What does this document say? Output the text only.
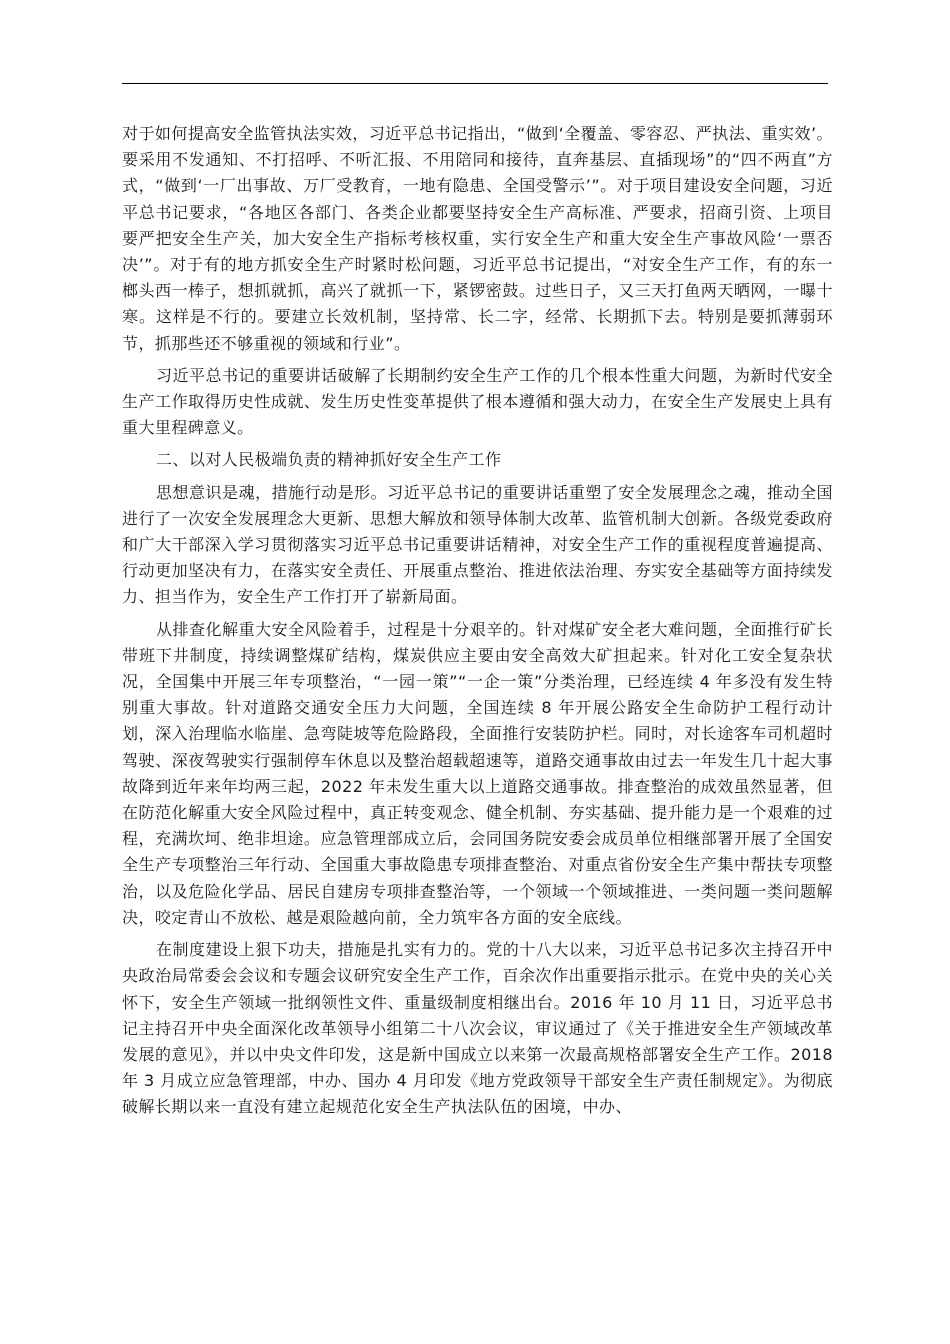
对于如何提高安全监管执法实效，习近平总书记指出，“做到‘全覆盖、零容忍、严执法、重实效’。要采用不发通知、不打招呼、不听汇报、不用陪同和接待，直奔基层、直插现场”的“四不两直”方式，“做到‘一厂出事故、万厂受教育，一地有隐患、全国受警示’”。对于项目建设安全问题，习近平总书记要求，“各地区各部门、各类企业都要坚持安全生产高标准、严要求，招商引资、上项目要严把安全生产关，加大安全生产指标考核权重，实行安全生产和重大安全生产事故风险‘一票否决’”。对于有的地方抓安全生产时紧时松问题，习近平总书记提出，“对安全生产工作，有的东一榔头西一棒子，想抓就抓，高兴了就抓一下，紧锣密鼓。过些日子，又三天打鱼两天晒网，一曝十寒。这样是不行的。要建立长效机制，坚持常、长二字，经常、长期抓下去。特别是要抓薄弱环节，抓那些还不够重视的领域和行业”。

习近平总书记的重要讲话破解了长期制约安全生产工作的几个根本性重大问题，为新时代安全生产工作取得历史性成就、发生历史性变革提供了根本遵循和强大动力，在安全生产发展史上具有重大里程碑意义。

二、以对人民极端负责的精神抓好安全生产工作

思想意识是魂，措施行动是形。习近平总书记的重要讲话重塑了安全发展理念之魂，推动全国进行了一次安全发展理念大更新、思想大解放和领导体制大改革、监管机制大创新。各级党委政府和广大干部深入学习贯彻落实习近平总书记重要讲话精神，对安全生产工作的重视程度普遍提高、行动更加坚决有力，在落实安全责任、开展重点整治、推进依法治理、夯实安全基础等方面持续发力、担当作为，安全生产工作打开了崭新局面。

从排查化解重大安全风险着手，过程是十分艰辛的。针对煤矿安全老大难问题，全面推行矿长带班下井制度，持续调整煤矿结构，煤炭供应主要由安全高效大矿担起来。针对化工安全复杂状况，全国集中开展三年专项整治，“一园一策”“一企一策”分类治理，已经连续 4 年多没有发生特别重大事故。针对道路交通安全压力大问题，全国连续 8 年开展公路安全生命防护工程行动计划，深入治理临水临崖、急弯陡坡等危险路段，全面推行安装防护栏。同时，对长途客车司机超时驾驶、深夜驾驶实行强制停车休息以及整治超载超速等，道路交通事故由过去一年发生几十起大事故降到近年来年均两三起，2022 年未发生重大以上道路交通事故。排查整治的成效虽然显著，但在防范化解重大安全风险过程中，真正转变观念、健全机制、夯实基础、提升能力是一个艰难的过程，充满坎坷、绝非坦途。应急管理部成立后，会同国务院安委会成员单位相继部署开展了全国安全生产专项整治三年行动、全国重大事故隐患专项排查整治、对重点省份安全生产集中帮扶专项整治，以及危险化学品、居民自建房专项排查整治等，一个领域一个领域推进、一类问题一类问题解决，咬定青山不放松、越是艰险越向前，全力筑牢各方面的安全底线。

在制度建设上狠下功夫，措施是扎实有力的。党的十八大以来，习近平总书记多次主持召开中央政治局常委会会议和专题会议研究安全生产工作，百余次作出重要指示批示。在党中央的关心关怀下，安全生产领域一批纲领性文件、重量级制度相继出台。2016 年 10 月 11 日，习近平总书记主持召开中央全面深化改革领导小组第二十八次会议，审议通过了《关于推进安全生产领域改革发展的意见》，并以中央文件印发，这是新中国成立以来第一次最高规格部署安全生产工作。2018 年 3 月成立应急管理部，中办、国办 4 月印发《地方党政领导干部安全生产责任制规定》。为彻底破解长期以来一直没有建立起规范化安全生产执法队伍的困境，中办、
